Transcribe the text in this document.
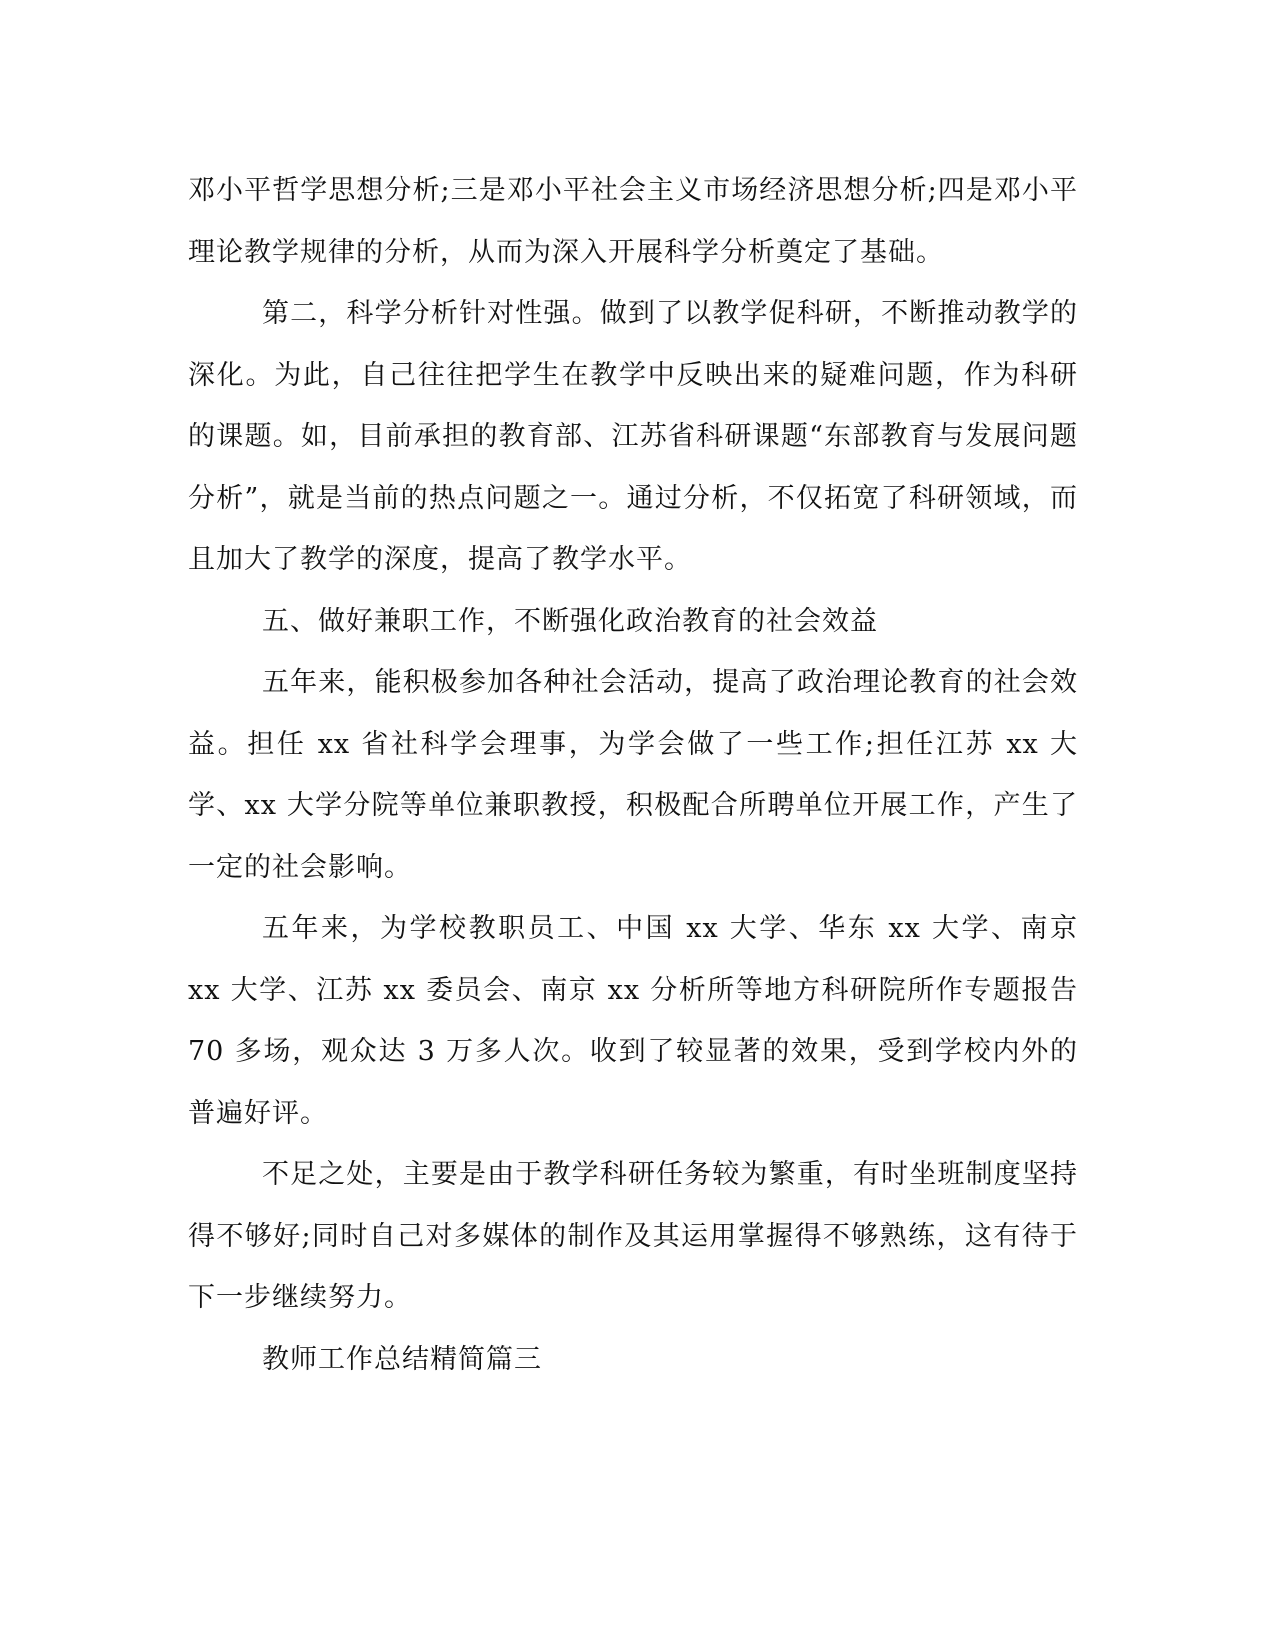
邓小平哲学思想分析;三是邓小平社会主义市场经济思想分析;四是邓小平理论教学规律的分析，从而为深入开展科学分析奠定了基础。

第二，科学分析针对性强。做到了以教学促科研，不断推动教学的深化。为此，自己往往把学生在教学中反映出来的疑难问题，作为科研的课题。如，目前承担的教育部、江苏省科研课题“东部教育与发展问题分析”，就是当前的热点问题之一。通过分析，不仅拓宽了科研领域，而且加大了教学的深度，提高了教学水平。

五、做好兼职工作，不断强化政治教育的社会效益

五年来，能积极参加各种社会活动，提高了政治理论教育的社会效益。担任 xx 省社科学会理事，为学会做了一些工作;担任江苏 xx 大学、xx 大学分院等单位兼职教授，积极配合所聘单位开展工作，产生了一定的社会影响。

五年来，为学校教职员工、中国 xx 大学、华东 xx 大学、南京 xx 大学、江苏 xx 委员会、南京 xx 分析所等地方科研院所作专题报告 70 多场，观众达 3 万多人次。收到了较显著的效果，受到学校内外的普遍好评。

不足之处，主要是由于教学科研任务较为繁重，有时坐班制度坚持得不够好;同时自己对多媒体的制作及其运用掌握得不够熟练，这有待于下一步继续努力。

教师工作总结精简篇三
